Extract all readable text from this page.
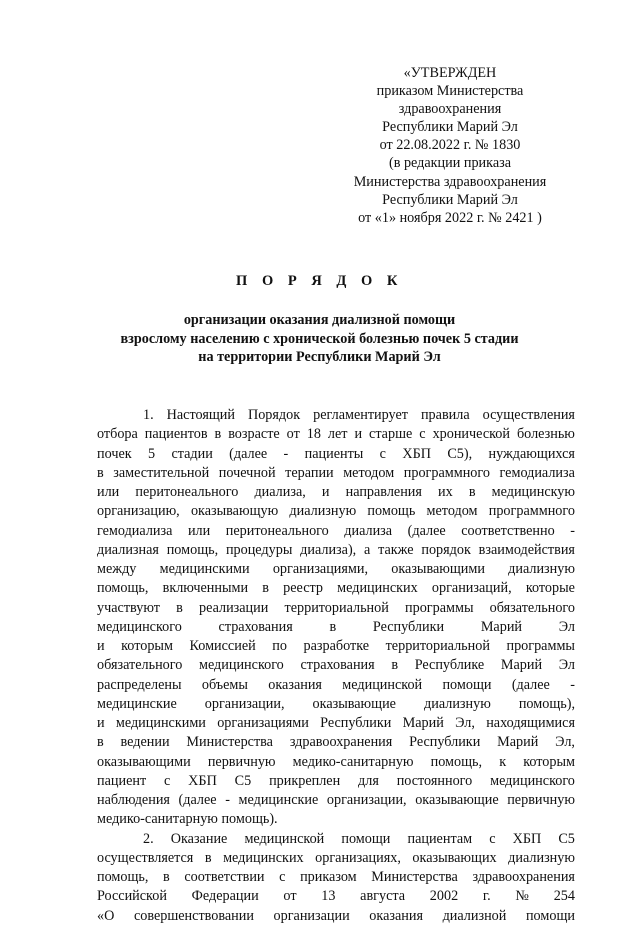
«УТВЕРЖДЕН
приказом Министерства
здравоохранения
Республики Марий Эл
от 22.08.2022 г. № 1830
(в редакции приказа
Министерства здравоохранения
Республики Марий Эл
от «1» ноября 2022 г. № 2421 )
П О Р Я Д О К
организации оказания диализной помощи
взрослому населению с хронической болезнью почек 5 стадии
на территории Республики Марий Эл
1. Настоящий Порядок регламентирует правила осуществления
отбора пациентов в возрасте от 18 лет и старше с хронической болезнью
почек 5 стадии (далее - пациенты с ХБП С5), нуждающихся
в заместительной почечной терапии методом программного гемодиализа
или перитонеального диализа, и направления их в медицинскую
организацию, оказывающую диализную помощь методом программного
гемодиализа или перитонеального диализа (далее соответственно -
диализная помощь, процедуры диализа), а также порядок взаимодействия
между медицинскими организациями, оказывающими диализную
помощь, включенными в реестр медицинских организаций, которые
участвуют в реализации территориальной программы обязательного
медицинского	страхования	в	Республики	Марий	Эл
и которым Комиссией по разработке территориальной программы
обязательного медицинского страхования в Республике Марий Эл
распределены объемы оказания медицинской помощи (далее -
медицинские организации, оказывающие диализную помощь),
и медицинскими организациями Республики Марий Эл, находящимися
в ведении Министерства здравоохранения Республики Марий Эл,
оказывающими первичную медико-санитарную помощь, к которым
пациент с ХБП С5 прикреплен для постоянного медицинского
наблюдения (далее - медицинские организации, оказывающие первичную
медико-санитарную помощь).
2. Оказание медицинской помощи пациентам с ХБП С5
осуществляется в медицинских организациях, оказывающих диализную
помощь, в соответствии с приказом Министерства здравоохранения
Российской Федерации от 13 августа 2002 г. № 254
«О совершенствовании организации оказания диализной помощи
